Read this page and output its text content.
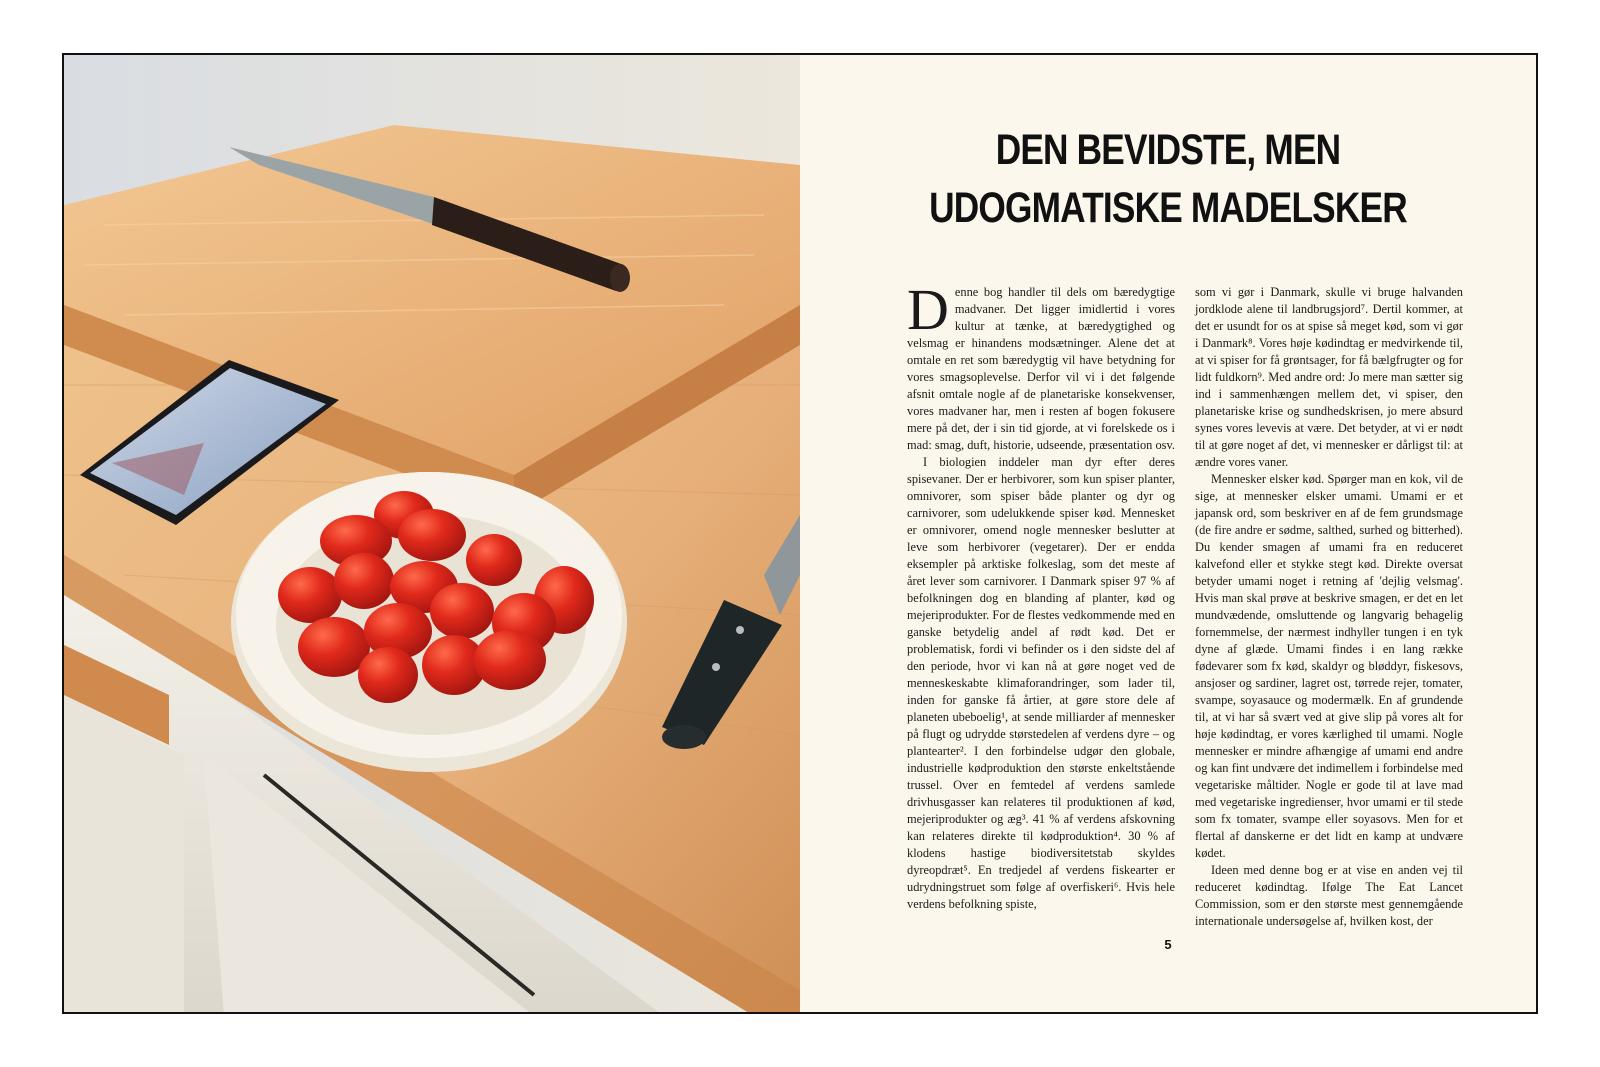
DEN BEVIDSTE, MEN
UDOGMATISKE MADELSKER

Denne bog handler til dels om bæredygtige madvaner. Det ligger imidlertid i vores kultur at tænke, at bæredygtighed og velsmag er hinandens modsætninger. Alene det at omtale en ret som bæredygtig vil have betydning for vores smagsoplevelse. Derfor vil vi i det følgende afsnit omtale nogle af de planetariske konsekvenser, vores madvaner har, men i resten af bogen fokusere mere på det, der i sin tid gjorde, at vi forelskede os i mad: smag, duft, historie, udseende, præsentation osv.

I biologien inddeler man dyr efter deres spisevaner. Der er herbivorer, som kun spiser planter, omnivorer, som spiser både planter og dyr og carnivorer, som udelukkende spiser kød. Mennesket er omnivorer, omend nogle mennesker beslutter at leve som herbivorer (vegetarer). Der er endda eksempler på arktiske folkeslag, som det meste af året lever som carnivorer. I Danmark spiser 97 % af befolkningen dog en blanding af planter, kød og mejeriprodukter. For de flestes vedkommende med en ganske betydelig andel af rødt kød. Det er problematisk, fordi vi befinder os i den sidste del af den periode, hvor vi kan nå at gøre noget ved de menneskeskabte klimaforandringer, som lader til, inden for ganske få årtier, at gøre store dele af planeten ubeboelig¹, at sende milliarder af mennesker på flugt og udrydde størstedelen af verdens dyre – og plantearter². I den forbindelse udgør den globale, industrielle kødproduktion den største enkeltstående trussel. Over en femtedel af verdens samlede drivhusgasser kan relateres til produktionen af kød, mejeriprodukter og æg³. 41 % af verdens afskovning kan relateres direkte til kødproduktion⁴. 30 % af klodens hastige biodiversitetstab skyldes dyreopdræt⁵. En tredjedel af verdens fiskearter er udrydningstruet som følge af overfiskeri⁶. Hvis hele verdens befolkning spiste,

som vi gør i Danmark, skulle vi bruge halvanden jordklode alene til landbrugsjord⁷. Dertil kommer, at det er usundt for os at spise så meget kød, som vi gør i Danmark⁸. Vores høje kødindtag er medvirkende til, at vi spiser for få grøntsager, for få bælgfrugter og for lidt fuldkorn⁹. Med andre ord: Jo mere man sætter sig ind i sammenhængen mellem det, vi spiser, den planetariske krise og sundhedskrisen, jo mere absurd synes vores levevis at være. Det betyder, at vi er nødt til at gøre noget af det, vi mennesker er dårligst til: at ændre vores vaner.

Mennesker elsker kød. Spørger man en kok, vil de sige, at mennesker elsker umami. Umami er et japansk ord, som beskriver en af de fem grundsmage (de fire andre er sødme, salthed, surhed og bitterhed). Du kender smagen af umami fra en reduceret kalvefond eller et stykke stegt kød. Direkte oversat betyder umami noget i retning af 'dejlig velsmag'. Hvis man skal prøve at beskrive smagen, er det en let mundvædende, omsluttende og langvarig behagelig fornemmelse, der nærmest indhyller tungen i en tyk dyne af glæde. Umami findes i en lang række fødevarer som fx kød, skaldyr og bløddyr, fiskesovs, ansjoser og sardiner, lagret ost, tørrede rejer, tomater, svampe, soyasauce og modermælk. En af grundende til, at vi har så svært ved at give slip på vores alt for høje kødindtag, er vores kærlighed til umami. Nogle mennesker er mindre afhængige af umami end andre og kan fint undvære det indimellem i forbindelse med vegetariske måltider. Nogle er gode til at lave mad med vegetariske ingredienser, hvor umami er til stede som fx tomater, svampe eller soyasovs. Men for et flertal af danskerne er det lidt en kamp at undvære kødet.

Ideen med denne bog er at vise en anden vej til reduceret kødindtag. Ifølge The Eat Lancet Commission, som er den største mest gennemgående internationale undersøgelse af, hvilken kost, der

5
